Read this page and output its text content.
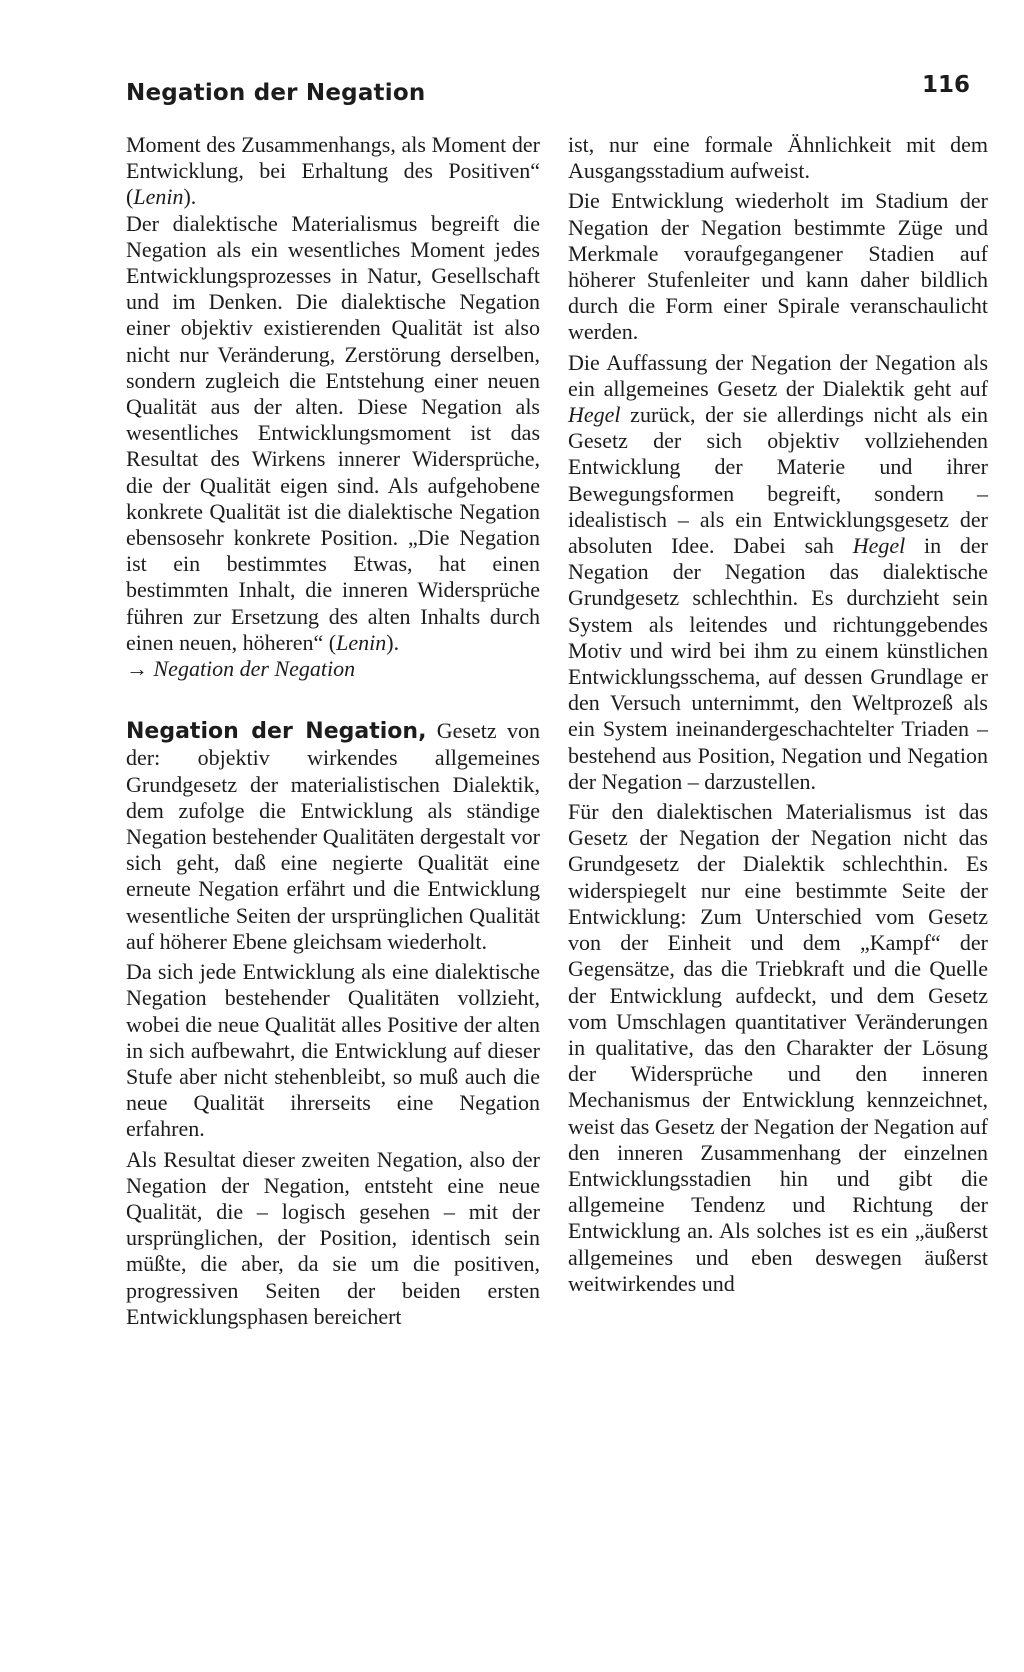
Negation der Negation	116

Moment des Zusammenhangs, als Moment der Entwicklung, bei Erhaltung des Positiven“ (Lenin).

Der dialektische Materialismus begreift die Negation als ein wesentliches Moment jedes Entwicklungsprozesses in Natur, Gesellschaft und im Denken. Die dialektische Negation einer objektiv existierenden Qualität ist also nicht nur Veränderung, Zerstörung derselben, sondern zugleich die Entstehung einer neuen Qualität aus der alten. Diese Negation als wesentliches Entwicklungsmoment ist das Resultat des Wirkens innerer Widersprüche, die der Qualität eigen sind. Als aufgehobene konkrete Qualität ist die dialektische Negation ebensosehr konkrete Position. „Die Negation ist ein bestimmtes Etwas, hat einen bestimmten Inhalt, die inneren Widersprüche führen zur Ersetzung des alten Inhalts durch einen neuen, höheren“ (Lenin).

→ Negation der Negation

Negation der Negation, Gesetz von der: objektiv wirkendes allgemeines Grundgesetz der materialistischen Dialektik, dem zufolge die Entwicklung als ständige Negation bestehender Qualitäten dergestalt vor sich geht, daß eine negierte Qualität eine erneute Negation erfährt und die Entwicklung wesentliche Seiten der ursprünglichen Qualität auf höherer Ebene gleichsam wiederholt.

Da sich jede Entwicklung als eine dialektische Negation bestehender Qualitäten vollzieht, wobei die neue Qualität alles Positive der alten in sich aufbewahrt, die Entwicklung auf dieser Stufe aber nicht stehenbleibt, so muß auch die neue Qualität ihrerseits eine Negation erfahren.

Als Resultat dieser zweiten Negation, also der Negation der Negation, entsteht eine neue Qualität, die – logisch gesehen – mit der ursprünglichen, der Position, identisch sein müßte, die aber, da sie um die positiven, progressiven Seiten der beiden ersten Entwicklungsphasen bereichert

ist, nur eine formale Ähnlichkeit mit dem Ausgangsstadium aufweist.

Die Entwicklung wiederholt im Stadium der Negation der Negation bestimmte Züge und Merkmale voraufgegangener Stadien auf höherer Stufenleiter und kann daher bildlich durch die Form einer Spirale veranschaulicht werden.

Die Auffassung der Negation der Negation als ein allgemeines Gesetz der Dialektik geht auf Hegel zurück, der sie allerdings nicht als ein Gesetz der sich objektiv vollziehenden Entwicklung der Materie und ihrer Bewegungsformen begreift, sondern – idealistisch – als ein Entwicklungsgesetz der absoluten Idee. Dabei sah Hegel in der Negation der Negation das dialektische Grundgesetz schlechthin. Es durchzieht sein System als leitendes und richtunggebendes Motiv und wird bei ihm zu einem künstlichen Entwicklungsschema, auf dessen Grundlage er den Versuch unternimmt, den Weltprozeß als ein System ineinandergeschachtelter Triaden – bestehend aus Position, Negation und Negation der Negation – darzustellen.

Für den dialektischen Materialismus ist das Gesetz der Negation der Negation nicht das Grundgesetz der Dialektik schlechthin. Es widerspiegelt nur eine bestimmte Seite der Entwicklung: Zum Unterschied vom Gesetz von der Einheit und dem „Kampf“ der Gegensätze, das die Triebkraft und die Quelle der Entwicklung aufdeckt, und dem Gesetz vom Umschlagen quantitativer Veränderungen in qualitative, das den Charakter der Lösung der Widersprüche und den inneren Mechanismus der Entwicklung kennzeichnet, weist das Gesetz der Negation der Negation auf den inneren Zusammenhang der einzelnen Entwicklungsstadien hin und gibt die allgemeine Tendenz und Richtung der Entwicklung an. Als solches ist es ein „äußerst allgemeines und eben deswegen äußerst weitwirkendes und
